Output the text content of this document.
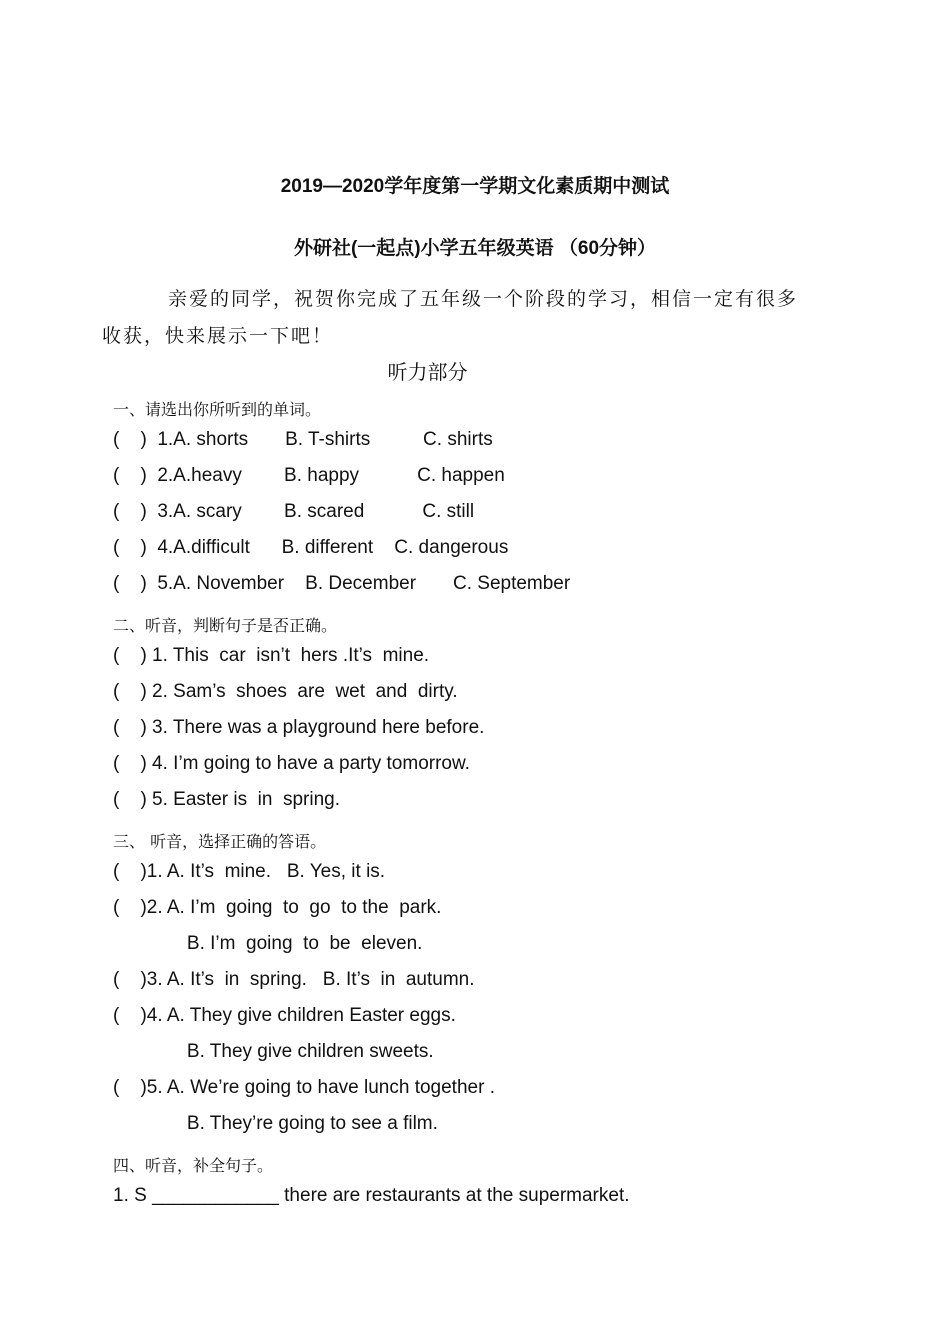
2019—2020学年度第一学期文化素质期中测试
外研社(一起点)小学五年级英语 （60分钟）
亲爱的同学，祝贺你完成了五年级一个阶段的学习，相信一定有很多
收获，快来展示一下吧！
听力部分
一、请选出你所听到的单词。
(    )  1.A. shorts       B. T-shirts          C. shirts
(    )  2.A.heavy        B. happy           C. happen
(    )  3.A. scary        B. scared           C. still
(    )  4.A.difficult      B. different    C. dangerous
(    )  5.A. November    B. December       C. September
二、听音，判断句子是否正确。
(    ) 1. This  car  isn’t  hers .It’s  mine.
(    ) 2. Sam’s  shoes  are  wet  and  dirty.
(    ) 3. There was a playground here before.
(    ) 4. I’m going to have a party tomorrow.
(    ) 5. Easter is  in  spring.
三、 听音，选择正确的答语。
(    )1. A. It’s  mine.   B. Yes, it is.
(    )2. A. I’m  going  to  go  to the  park.
B. I’m  going  to  be  eleven.
(    )3. A. It’s  in  spring.   B. It’s  in  autumn.
(    )4. A. They give children Easter eggs.
B. They give children sweets.
(    )5. A. We’re going to have lunch together .
B. They’re going to see a film.
四、听音，补全句子。
1. S ____________ there are restaurants at the supermarket.
